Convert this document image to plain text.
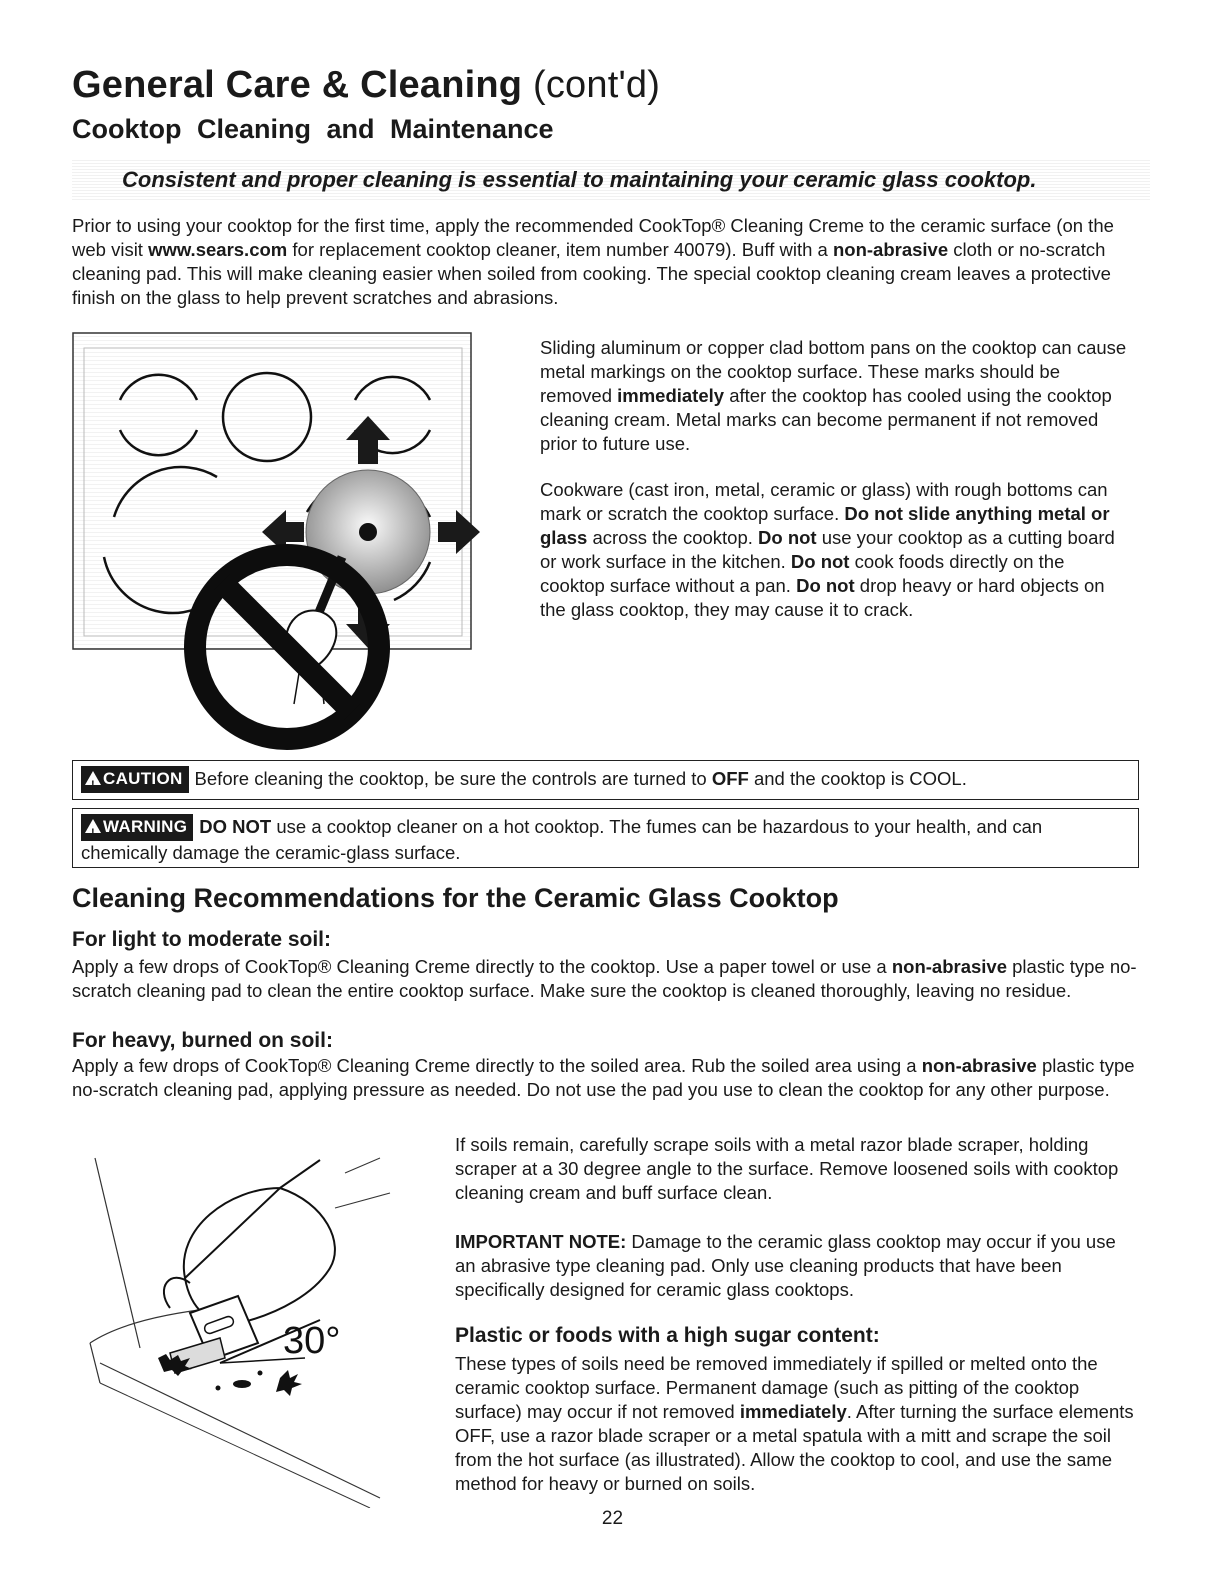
General Care & Cleaning (cont'd)
Cooktop Cleaning and Maintenance
Consistent and proper cleaning is essential to maintaining your ceramic glass cooktop.

Prior to using your cooktop for the first time, apply the recommended CookTop® Cleaning Creme to the ceramic surface (on the web visit www.sears.com for replacement cooktop cleaner, item number 40079). Buff with a non-abrasive cloth or no-scratch cleaning pad. This will make cleaning easier when soiled from cooking. The special cooktop cleaning cream leaves a protective finish on the glass to help prevent scratches and abrasions.

Sliding aluminum or copper clad bottom pans on the cooktop can cause metal markings on the cooktop surface. These marks should be removed immediately after the cooktop has cooled using the cooktop cleaning cream. Metal marks can become permanent if not removed prior to future use.

Cookware (cast iron, metal, ceramic or glass) with rough bottoms can mark or scratch the cooktop surface. Do not slide anything metal or glass across the cooktop. Do not use your cooktop as a cutting board or work surface in the kitchen. Do not cook foods directly on the cooktop surface without a pan. Do not drop heavy or hard objects on the glass cooktop, they may cause it to crack.

!CAUTION Before cleaning the cooktop, be sure the controls are turned to OFF and the cooktop is COOL.
!WARNING DO NOT use a cooktop cleaner on a hot cooktop. The fumes can be hazardous to your health, and can chemically damage the ceramic-glass surface.
Cleaning Recommendations for the Ceramic Glass Cooktop
For light to moderate soil:

Apply a few drops of CookTop® Cleaning Creme directly to the cooktop. Use a paper towel or use a non-abrasive plastic type no-scratch cleaning pad to clean the entire cooktop surface. Make sure the cooktop is cleaned thoroughly, leaving no residue.

For heavy, burned on soil:

Apply a few drops of CookTop® Cleaning Creme directly to the soiled area. Rub the soiled area using a non-abrasive plastic type no-scratch cleaning pad, applying pressure as needed. Do not use the pad you use to clean the cooktop for any other purpose.

30°

If soils remain, carefully scrape soils with a metal razor blade scraper, holding scraper at a 30 degree angle to the surface. Remove loosened soils with cooktop cleaning cream and buff surface clean.

IMPORTANT NOTE: Damage to the ceramic glass cooktop may occur if you use an abrasive type cleaning pad. Only use cleaning products that have been specifically designed for ceramic glass cooktops.

Plastic or foods with a high sugar content:

These types of soils need be removed immediately if spilled or melted onto the ceramic cooktop surface. Permanent damage (such as pitting of the cooktop surface) may occur if not removed immediately. After turning the surface elements OFF, use a razor blade scraper or a metal spatula with a mitt and scrape the soil from the hot surface (as illustrated). Allow the cooktop to cool, and use the same method for heavy or burned on soils.

22
